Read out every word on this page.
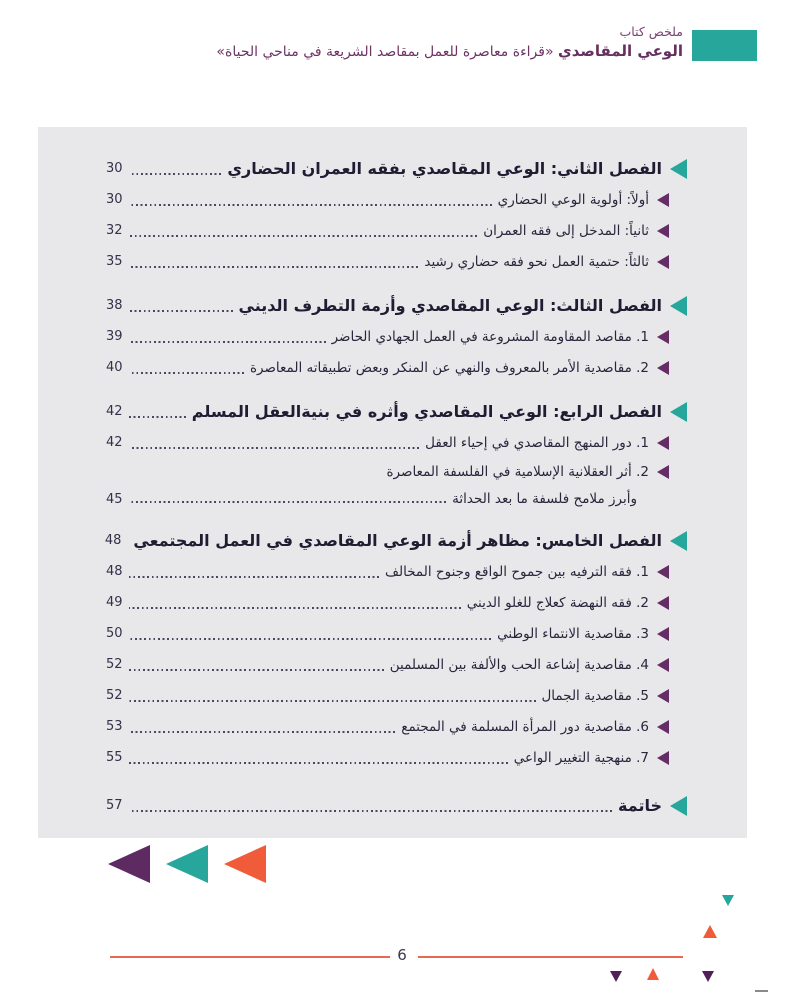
ملخص كتاب
الوعي المقاصدي «قراءة معاصرة للعمل بمقاصد الشريعة في مناحي الحياة»
الفصل الثاني: الوعي المقاصدي بفقه العمران الحضاري
30
أولاً: أولوية الوعي الحضاري
30
ثانياً: المدخل إلى فقه العمران
32
ثالثاً: حتمية العمل نحو فقه حضاري رشيد
35
الفصل الثالث: الوعي المقاصدي وأزمة التطرف الديني
38
1. مقاصد المقاومة المشروعة في العمل الجهادي الحاضر
39
2. مقاصدية الأمر بالمعروف والنهي عن المنكر وبعض تطبيقاته المعاصرة
40
الفصل الرابع: الوعي المقاصدي وأثره في بنيةالعقل المسلم
42
1. دور المنهج المقاصدي في إحياء العقل
42
2. أثر العقلانية الإسلامية في الفلسفة المعاصرة
وأبرز ملامح فلسفة ما بعد الحداثة
45
الفصل الخامس: مظاهر أزمة الوعي المقاصدي في العمل المجتمعي
48
1. فقه الترفيه بين جموح الواقع وجنوح المخالف
48
2. فقه النهضة كعلاج للغلو الديني
49
3. مقاصدية الانتماء الوطني
50
4. مقاصدية إشاعة الحب والألفة بين المسلمين
52
5. مقاصدية الجمال
52
6. مقاصدية دور المرأة المسلمة في المجتمع
53
7. منهجية التغيير الواعي
55
خاتمة
57
6
